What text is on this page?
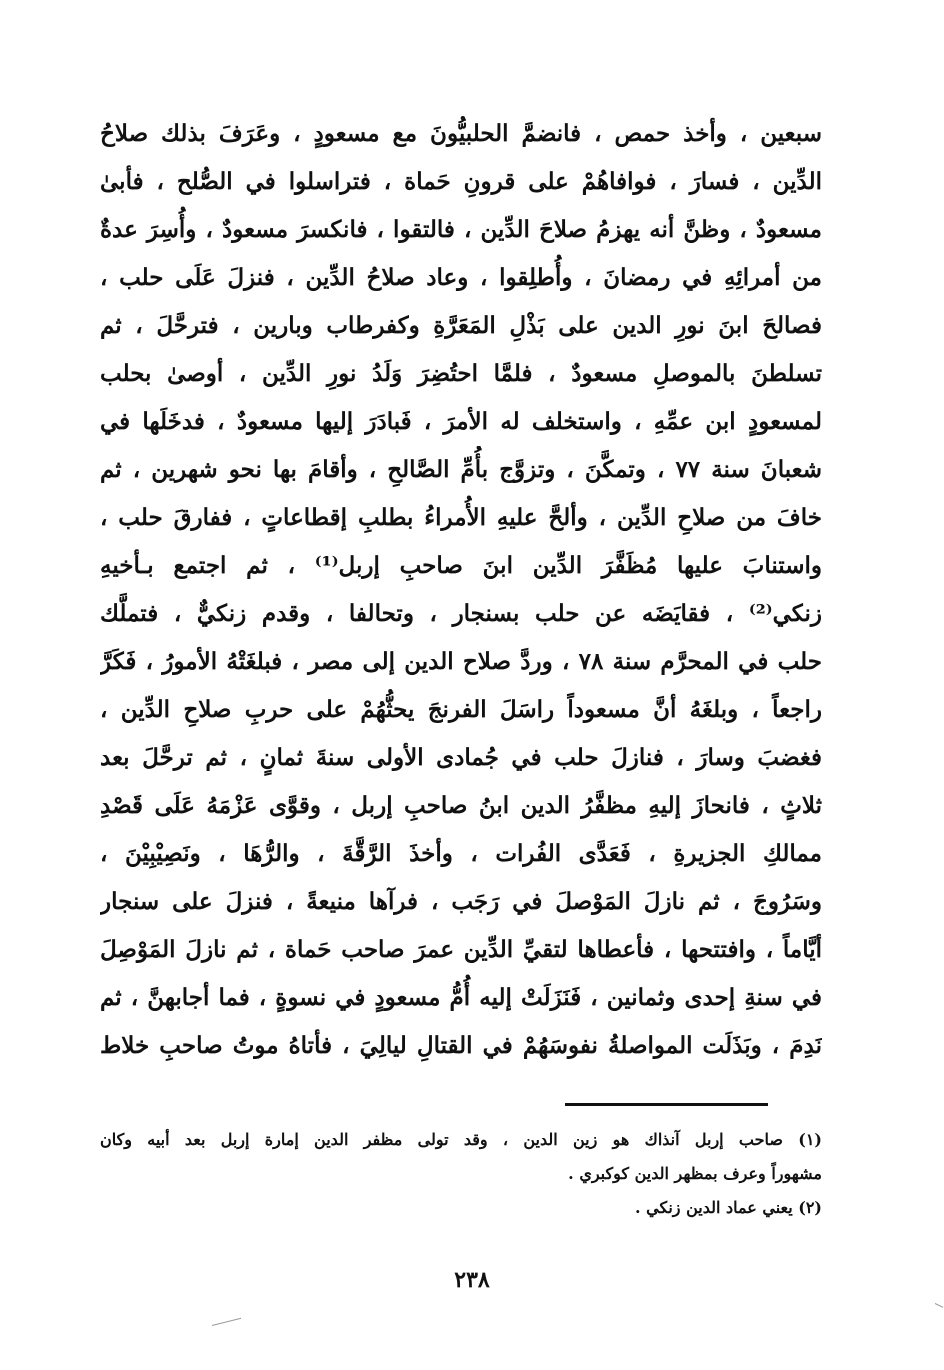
سبعين ، وأخذ حمص ، فانضمَّ الحلبيُّونَ مع مسعودٍ ، وعَرَفَ بذلك صلاحُ
الدِّين ، فسارَ ، فوافاهُمْ على قرونِ حَماة ، فتراسلوا في الصُّلح ، فأبىٰ
مسعودٌ ، وظنَّ أنه يهزمُ صلاحَ الدِّين ، فالتقوا ، فانكسرَ مسعودٌ ، وأُسِرَ عدةٌ
من أمرائِهِ في رمضانَ ، وأُطلِقوا ، وعاد صلاحُ الدِّين ، فنزلَ عَلَى حلب ،
فصالحَ ابنَ نورِ الدين على بَذْلِ المَعَرَّةِ وكفرطاب وبارين ، فترحَّلَ ، ثم
تسلطنَ بالموصلِ مسعودٌ ، فلمَّا احتُضِرَ وَلَدُ نورِ الدِّين ، أوصىٰ بحلب
لمسعودٍ ابن عمِّهِ ، واستخلف له الأمرَ ، فَبادَرَ إليها مسعودٌ ، فدخَلَها في
شعبانَ سنة ٧٧ ، وتمكَّنَ ، وتزوَّج بأُمِّ الصَّالحِ ، وأقامَ بها نحو شهرين ، ثم
خافَ من صلاحِ الدِّين ، وألحَّ عليهِ الأُمراءُ بطلبِ إقطاعاتٍ ، ففارقَ حلب ،
واستنابَ عليها مُظَفَّرَ الدِّين ابنَ صاحبِ إربل⁽¹⁾ ، ثم اجتمع بـأخيهِ
زنكي⁽²⁾ ، فقايَضَه عن حلب بسنجار ، وتحالفا ، وقدم زنكيٌّ ، فتملَّك
حلب في المحرَّم سنة ٧٨ ، وردَّ صلاح الدين إلى مصر ، فبلغَتْهُ الأمورُ ، فَكَرَّ
راجعاً ، وبلغَهُ أنَّ مسعوداً راسَلَ الفرنجَ يحثُّهُمْ على حربِ صلاحِ الدِّين ،
فغضبَ وسارَ ، فنازلَ حلب في جُمادى الأولى سنةَ ثمانٍ ، ثم ترحَّلَ بعد
ثلاثٍ ، فانحازَ إليهِ مظفَّرُ الدين ابنُ صاحبِ إربل ، وقوَّى عَزْمَهُ عَلَى قَصْدِ
ممالكِ الجزيرةِ ، فَعَدَّى الفُرات ، وأخذَ الرَّقَّةَ ، والرُّهَا ، ونَصِيْبِيْنَ ،
وسَرُوجَ ، ثم نازلَ المَوْصلَ في رَجَب ، فرآها منيعةً ، فنزلَ على سنجار
أيَّاماً ، وافتتحها ، فأعطاها لتقيِّ الدِّين عمرَ صاحب حَماة ، ثم نازلَ المَوْصِلَ
في سنةِ إحدى وثمانين ، فَنَزَلَتْ إليه أُمُّ مسعودٍ في نسوةٍ ، فما أجابهنَّ ، ثم
نَدِمَ ، وبَذَلَت المواصلةُ نفوسَهُمْ في القتالِ ليالِيَ ، فأتاهُ موتُ صاحبِ خلاط
(١) صاحب إربل آنذاك هو زين الدين ، وقد تولى مظفر الدين إمارة إربل بعد أبيه وكان
مشهوراً وعرف بمظهر الدين كوكبري .
(٢) يعني عماد الدين زنكي .
٢٣٨
